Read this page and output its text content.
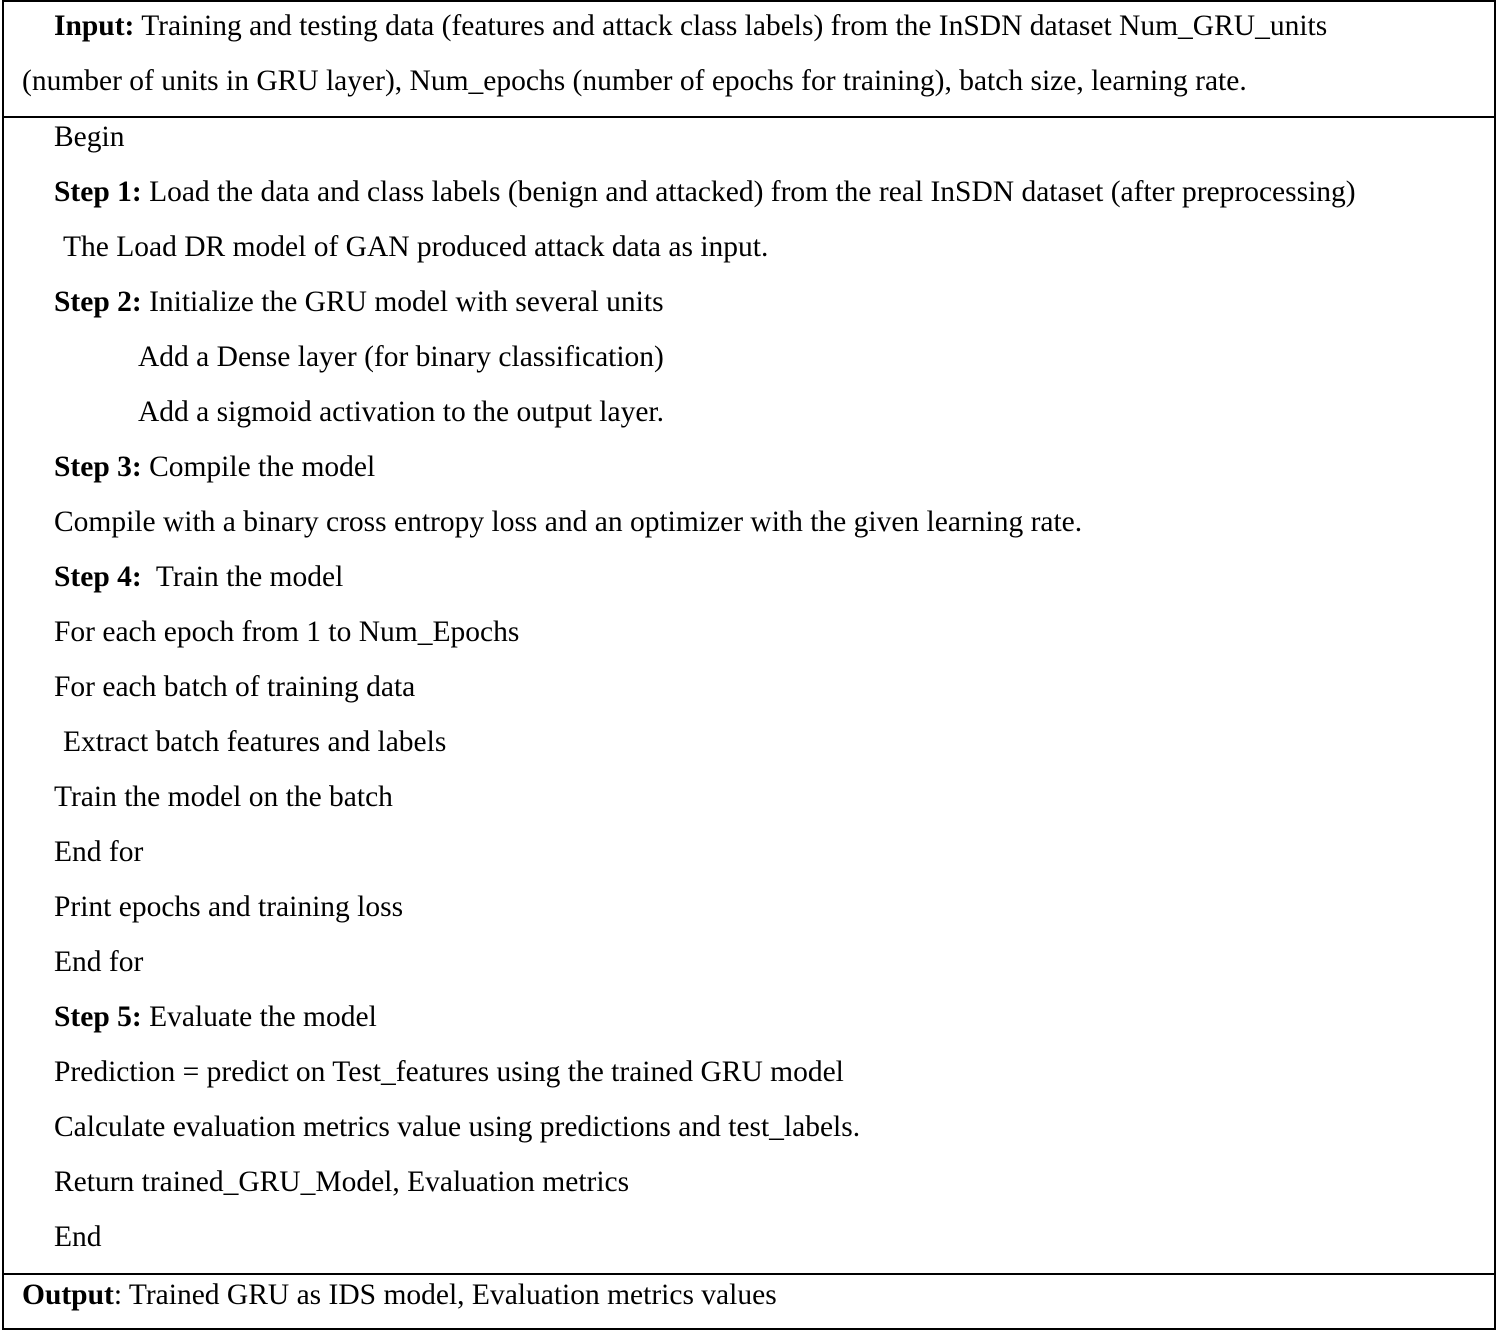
Input: Training and testing data (features and attack class labels) from the InSDN dataset Num_GRU_units
(number of units in GRU layer), Num_epochs (number of epochs for training), batch size, learning rate.
Begin
Step 1: Load the data and class labels (benign and attacked) from the real InSDN dataset (after preprocessing)
The Load DR model of GAN produced attack data as input.
Step 2: Initialize the GRU model with several units
Add a Dense layer (for binary classification)
Add a sigmoid activation to the output layer.
Step 3: Compile the model
Compile with a binary cross entropy loss and an optimizer with the given learning rate.
Step 4:  Train the model
For each epoch from 1 to Num_Epochs
For each batch of training data
Extract batch features and labels
Train the model on the batch
End for
Print epochs and training loss
End for
Step 5: Evaluate the model
Prediction = predict on Test_features using the trained GRU model
Calculate evaluation metrics value using predictions and test_labels.
Return trained_GRU_Model, Evaluation metrics
End
Output: Trained GRU as IDS model, Evaluation metrics values
